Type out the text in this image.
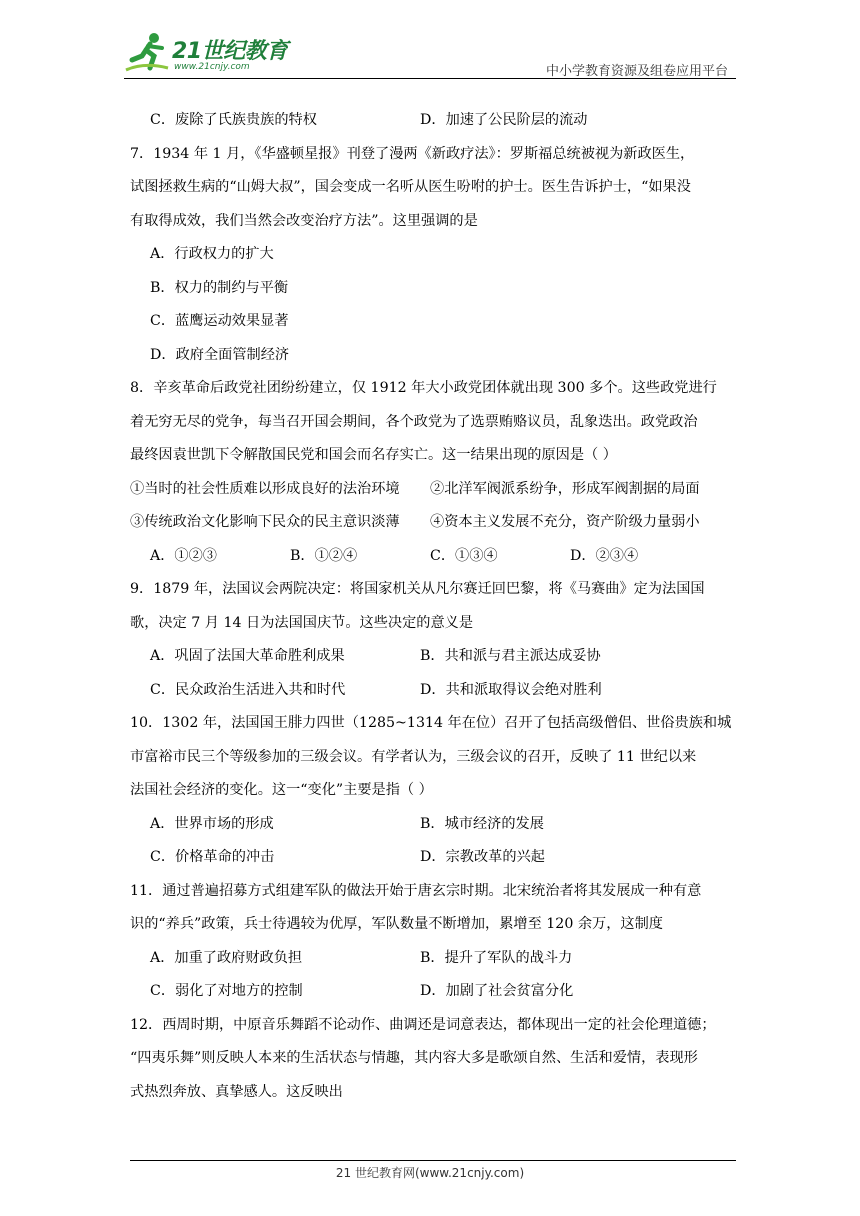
21世纪教育
www.21cnjy.com	中小学教育资源及组卷应用平台
C．废除了氏族贵族的特权	D．加速了公民阶层的流动
7．1934 年 1 月，《华盛顿星报》刊登了漫两《新政疗法》：罗斯福总统被视为新政医生，
试图拯救生病的“山姆大叔”，国会变成一名听从医生吩咐的护士。医生告诉护士，“如果没
有取得成效，我们当然会改变治疗方法”。这里强调的是
A．行政权力的扩大
B．权力的制约与平衡
C．蓝鹰运动效果显著
D．政府全面管制经济
8．辛亥革命后政党社团纷纷建立，仅 1912 年大小政党团体就出现 300 多个。这些政党进行
着无穷无尽的党争，每当召开国会期间，各个政党为了选票贿赂议员，乱象迭出。政党政治
最终因袁世凯下令解散国民党和国会而名存实亡。这一结果出现的原因是（ ）
①当时的社会性质难以形成良好的法治环境	②北洋军阀派系纷争，形成军阀割据的局面
③传统政治文化影响下民众的民主意识淡薄	④资本主义发展不充分，资产阶级力量弱小
A．①②③	B．①②④	C．①③④	D．②③④
9．1879 年，法国议会两院决定：将国家机关从凡尔赛迁回巴黎，将《马赛曲》定为法国国
歌，决定 7 月 14 日为法国国庆节。这些决定的意义是
A．巩固了法国大革命胜利成果	B．共和派与君主派达成妥协
C．民众政治生活进入共和时代	D．共和派取得议会绝对胜利
10．1302 年，法国国王腓力四世（1285~1314 年在位）召开了包括高级僧侣、世俗贵族和城
市富裕市民三个等级参加的三级会议。有学者认为，三级会议的召开，反映了 11 世纪以来
法国社会经济的变化。这一“变化”主要是指（ ）
A．世界市场的形成	B．城市经济的发展
C．价格革命的冲击	D．宗教改革的兴起
11．通过普遍招募方式组建军队的做法开始于唐玄宗时期。北宋统治者将其发展成一种有意
识的“养兵”政策，兵士待遇较为优厚，军队数量不断增加，累增至 120 余万，这制度
A．加重了政府财政负担	B．提升了军队的战斗力
C．弱化了对地方的控制	D．加剧了社会贫富分化
12．西周时期，中原音乐舞蹈不论动作、曲调还是词意表达，都体现出一定的社会伦理道德；
“四夷乐舞”则反映人本来的生活状态与情趣，其内容大多是歌颂自然、生活和爱情，表现形
式热烈奔放、真挚感人。这反映出
21 世纪教育网(www.21cnjy.com)
